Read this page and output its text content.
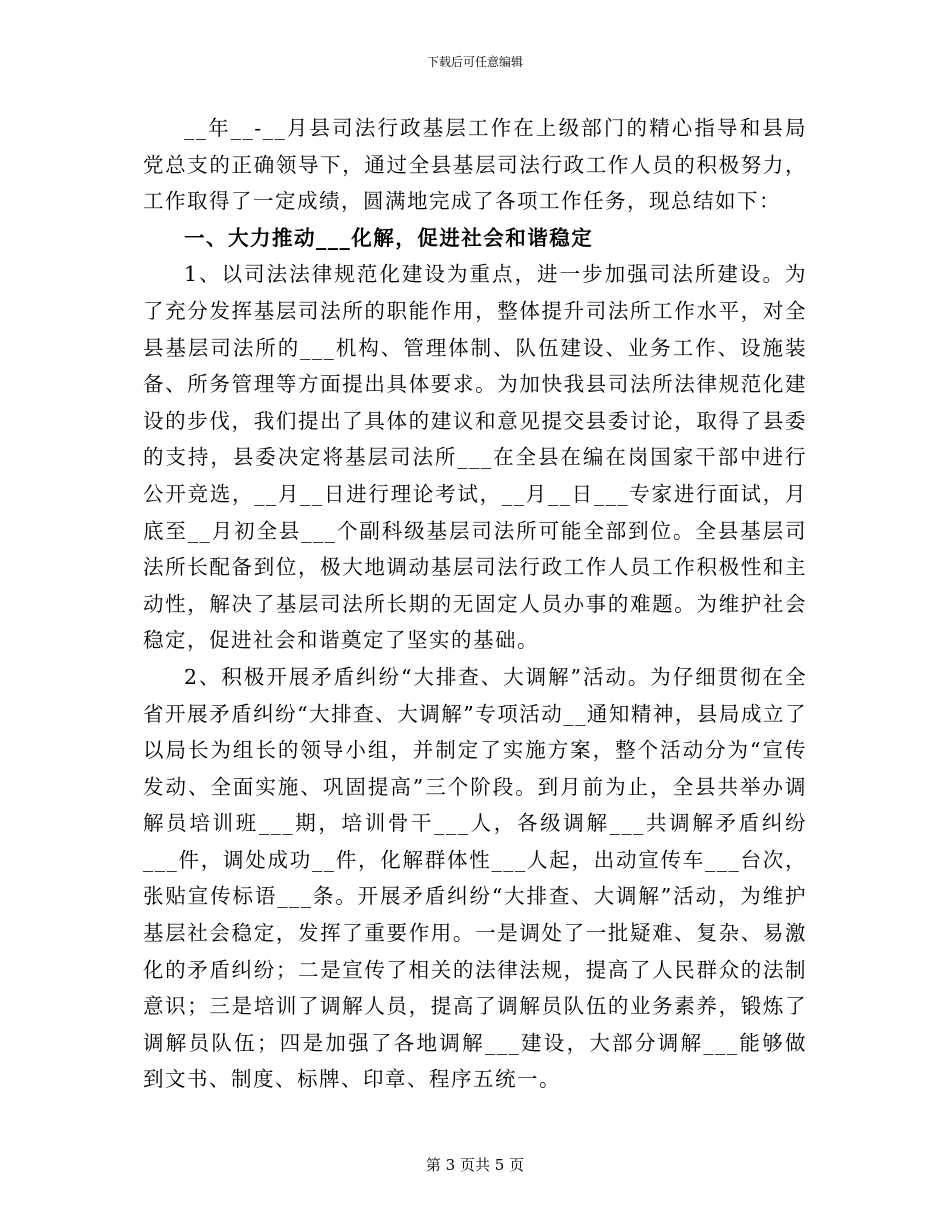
下载后可任意编辑

__年__-__月县司法行政基层工作在上级部门的精心指导和县局党总支的正确领导下，通过全县基层司法行政工作人员的积极努力，工作取得了一定成绩，圆满地完成了各项工作任务，现总结如下：

一、大力推动___化解，促进社会和谐稳定

1、以司法法律规范化建设为重点，进一步加强司法所建设。为了充分发挥基层司法所的职能作用，整体提升司法所工作水平，对全县基层司法所的___机构、管理体制、队伍建设、业务工作、设施装备、所务管理等方面提出具体要求。为加快我县司法所法律规范化建设的步伐，我们提出了具体的建议和意见提交县委讨论，取得了县委的支持，县委决定将基层司法所___在全县在编在岗国家干部中进行公开竞选，__月__日进行理论考试，__月__日___专家进行面试，月底至__月初全县___个副科级基层司法所可能全部到位。全县基层司法所长配备到位，极大地调动基层司法行政工作人员工作积极性和主动性，解决了基层司法所长期的无固定人员办事的难题。为维护社会稳定，促进社会和谐奠定了坚实的基础。

2、积极开展矛盾纠纷“大排查、大调解”活动。为仔细贯彻在全省开展矛盾纠纷“大排查、大调解”专项活动__通知精神，县局成立了以局长为组长的领导小组，并制定了实施方案，整个活动分为“宣传发动、全面实施、巩固提高”三个阶段。到月前为止，全县共举办调解员培训班___期，培训骨干___人，各级调解___共调解矛盾纠纷___件，调处成功__件，化解群体性___人起，出动宣传车___台次，张贴宣传标语___条。开展矛盾纠纷“大排查、大调解”活动，为维护基层社会稳定，发挥了重要作用。一是调处了一批疑难、复杂、易激化的矛盾纠纷；二是宣传了相关的法律法规，提高了人民群众的法制意识；三是培训了调解人员，提高了调解员队伍的业务素养，锻炼了调解员队伍；四是加强了各地调解___建设，大部分调解___能够做到文书、制度、标牌、印章、程序五统一。

第 3 页共 5 页
